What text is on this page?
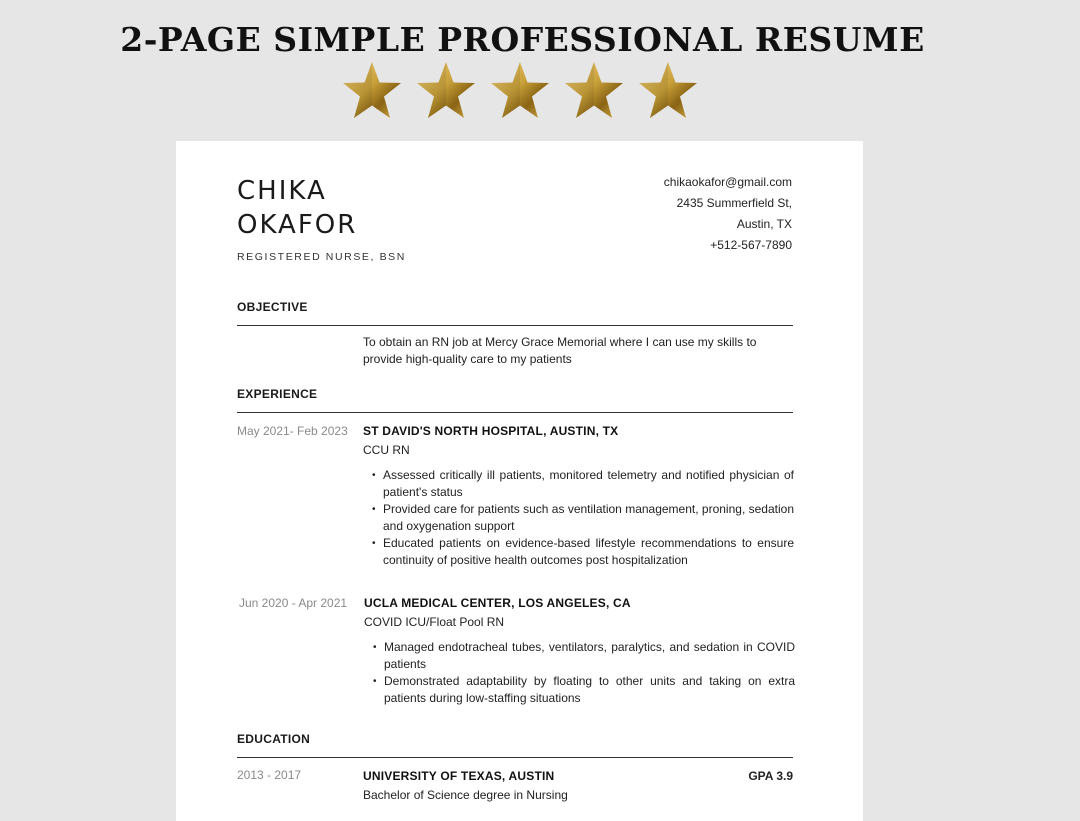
2-PAGE SIMPLE PROFESSIONAL RESUME
CHIKA
OKAFOR
REGISTERED NURSE, BSN
chikaokafor@gmail.com
2435 Summerfield St,
Austin, TX
+512-567-7890
OBJECTIVE
To obtain an RN job at Mercy Grace Memorial where I can use my skills to provide high-quality care to my patients
EXPERIENCE
May 2021- Feb 2023	ST DAVID'S NORTH HOSPITAL, AUSTIN, TX
CCU RN
• Assessed critically ill patients, monitored telemetry and notified physician of patient's status
• Provided care for patients such as ventilation management, proning, sedation and oxygenation support
• Educated patients on evidence-based lifestyle recommendations to ensure continuity of positive health outcomes post hospitalization
Jun 2020 - Apr 2021	UCLA MEDICAL CENTER, LOS ANGELES, CA
COVID ICU/Float Pool RN
• Managed endotracheal tubes, ventilators, paralytics, and sedation in COVID patients
• Demonstrated adaptability by floating to other units and taking on extra patients during low-staffing situations
EDUCATION
2013 - 2017	UNIVERSITY OF TEXAS, AUSTIN	GPA 3.9
Bachelor of Science degree in Nursing
